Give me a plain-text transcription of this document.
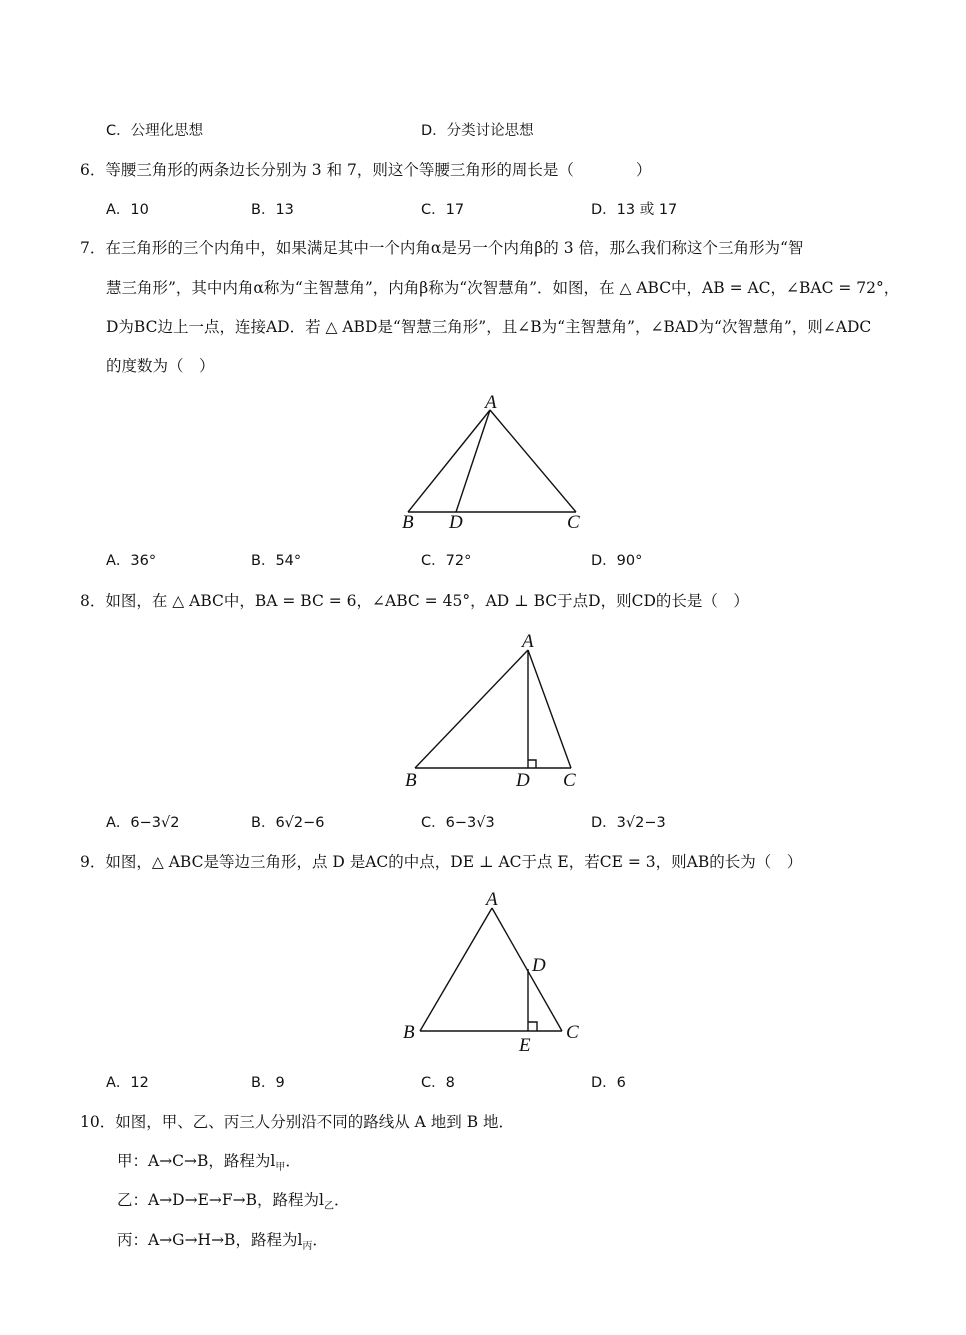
C．公理化思想	D．分类讨论思想
6．等腰三角形的两条边长分别为 3 和 7，则这个等腰三角形的周长是（　　　　）
A．10	B．13	C．17	D．13 或 17
7．在三角形的三个内角中，如果满足其中一个内角α是另一个内角β的 3 倍，那么我们称这个三角形为“智
慧三角形”，其中内角α称为“主智慧角”，内角β称为“次智慧角”．如图，在 △ ABC中，AB = AC，∠BAC = 72°，
D为BC边上一点，连接AD．若 △ ABD是“智慧三角形”，且∠B为“主智慧角”，∠BAD为“次智慧角”，则∠ADC
的度数为（　）
A
B D	C
A．36°	B．54°	C．72°	D．90°
8．如图，在 △ ABC中，BA = BC = 6，∠ABC = 45°，AD ⊥ BC于点D，则CD的长是（　）
A
B	D C
A．6−3√2	B．6√2−6	C．6−3√3	D．3√2−3
9．如图，△ ABC是等边三角形，点 D 是AC的中点，DE ⊥ AC于点 E，若CE = 3，则AB的长为（　）
A
D
B	C
E
A．12	B．9	C．8	D．6
10．如图，甲、乙、丙三人分别沿不同的路线从 A 地到 B 地．
甲：A→C→B，路程为$l_甲$．
乙：A→D→E→F→B，路程为$l_乙$．
丙：A→G→H→B，路程为$l_丙$．
